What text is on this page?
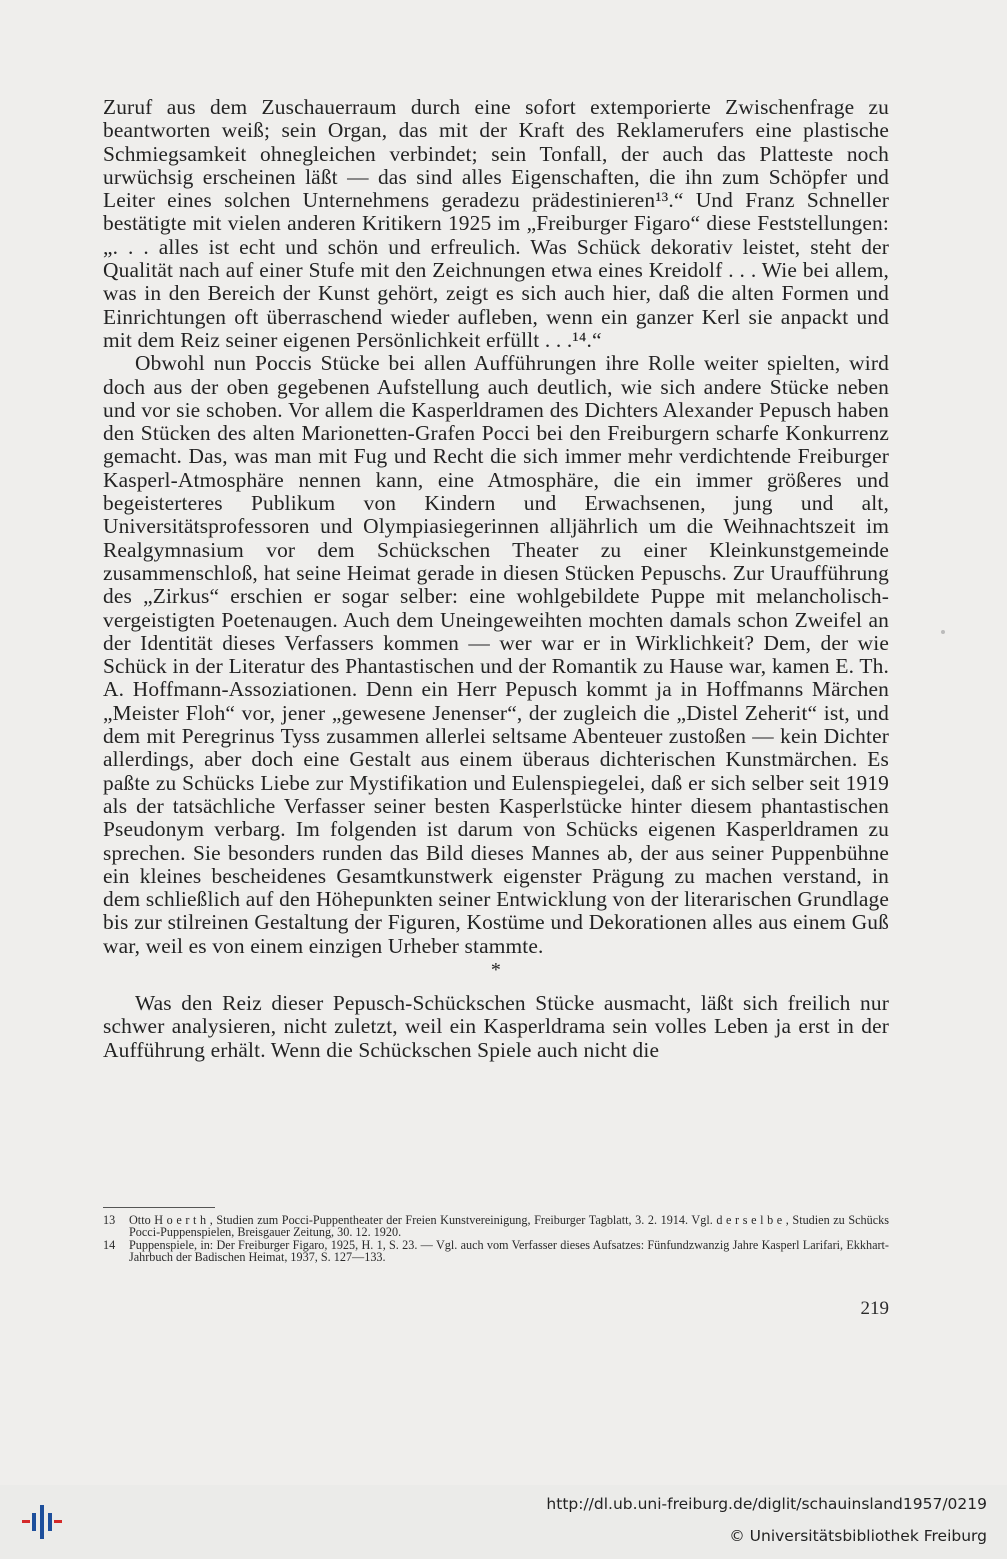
Zuruf aus dem Zuschauerraum durch eine sofort extemporierte Zwischenfrage zu beantworten weiß; sein Organ, das mit der Kraft des Reklamerufers eine plastische Schmiegsamkeit ohnegleichen verbindet; sein Tonfall, der auch das Platteste noch urwüchsig erscheinen läßt — das sind alles Eigenschaften, die ihn zum Schöpfer und Leiter eines solchen Unternehmens geradezu prädestinieren¹³.“ Und Franz Schneller bestätigte mit vielen anderen Kritikern 1925 im „Freiburger Figaro“ diese Feststellungen: „. . . alles ist echt und schön und erfreulich. Was Schück dekorativ leistet, steht der Qualität nach auf einer Stufe mit den Zeichnungen etwa eines Kreidolf . . . Wie bei allem, was in den Bereich der Kunst gehört, zeigt es sich auch hier, daß die alten Formen und Einrichtungen oft überraschend wieder aufleben, wenn ein ganzer Kerl sie anpackt und mit dem Reiz seiner eigenen Persönlichkeit erfüllt . . .¹⁴.“

Obwohl nun Poccis Stücke bei allen Aufführungen ihre Rolle weiter spielten, wird doch aus der oben gegebenen Aufstellung auch deutlich, wie sich andere Stücke neben und vor sie schoben. Vor allem die Kasperldramen des Dichters Alexander Pepusch haben den Stücken des alten Marionetten-Grafen Pocci bei den Freiburgern scharfe Konkurrenz gemacht. Das, was man mit Fug und Recht die sich immer mehr verdichtende Freiburger Kasperl-Atmosphäre nennen kann, eine Atmosphäre, die ein immer größeres und begeisterteres Publikum von Kindern und Erwachsenen, jung und alt, Universitätsprofessoren und Olympiasiegerinnen alljährlich um die Weihnachtszeit im Realgymnasium vor dem Schückschen Theater zu einer Kleinkunstgemeinde zusammenschloß, hat seine Heimat gerade in diesen Stücken Pepuschs. Zur Uraufführung des „Zirkus“ erschien er sogar selber: eine wohlgebildete Puppe mit melancholisch-vergeistigten Poetenaugen. Auch dem Uneingeweihten mochten damals schon Zweifel an der Identität dieses Verfassers kommen — wer war er in Wirklichkeit? Dem, der wie Schück in der Literatur des Phantastischen und der Romantik zu Hause war, kamen E. Th. A. Hoffmann-Assoziationen. Denn ein Herr Pepusch kommt ja in Hoffmanns Märchen „Meister Floh“ vor, jener „gewesene Jenenser“, der zugleich die „Distel Zeherit“ ist, und dem mit Peregrinus Tyss zusammen allerlei seltsame Abenteuer zustoßen — kein Dichter allerdings, aber doch eine Gestalt aus einem überaus dichterischen Kunstmärchen. Es paßte zu Schücks Liebe zur Mystifikation und Eulenspiegelei, daß er sich selber seit 1919 als der tatsächliche Verfasser seiner besten Kasperlstücke hinter diesem phantastischen Pseudonym verbarg. Im folgenden ist darum von Schücks eigenen Kasperldramen zu sprechen. Sie besonders runden das Bild dieses Mannes ab, der aus seiner Puppenbühne ein kleines bescheidenes Gesamtkunstwerk eigenster Prägung zu machen verstand, in dem schließlich auf den Höhepunkten seiner Entwicklung von der literarischen Grundlage bis zur stilreinen Gestaltung der Figuren, Kostüme und Dekorationen alles aus einem Guß war, weil es von einem einzigen Urheber stammte.

*

Was den Reiz dieser Pepusch-Schückschen Stücke ausmacht, läßt sich freilich nur schwer analysieren, nicht zuletzt, weil ein Kasperldrama sein volles Leben ja erst in der Aufführung erhält. Wenn die Schückschen Spiele auch nicht die

13 Otto H o e r t h , Studien zum Pocci-Puppentheater der Freien Kunstvereinigung, Freiburger Tagblatt, 3. 2. 1914. Vgl. d e r s e l b e , Studien zu Schücks Pocci-Puppenspielen, Breisgauer Zeitung, 30. 12. 1920.

14 Puppenspiele, in: Der Freiburger Figaro, 1925, H. 1, S. 23. — Vgl. auch vom Verfasser dieses Aufsatzes: Fünfundzwanzig Jahre Kasperl Larifari, Ekkhart-Jahrbuch der Badischen Heimat, 1937, S. 127—133.

219
http://dl.ub.uni-freiburg.de/diglit/schauinsland1957/0219
© Universitätsbibliothek Freiburg
